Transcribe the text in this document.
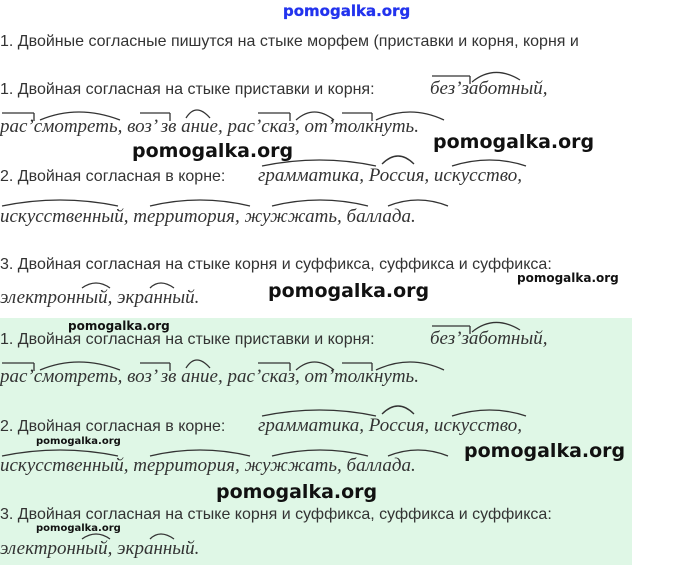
pomogalka.org
1. Двойные согласные пишутся на стыке морфем (приставки и корня, корня и
1. Двойная согласная на стыке приставки и корня:	без’заботный,
рас’смотреть, воз’ зв ание, рас’сказ, от’толкнуть.
2. Двойная согласная в корне: грамматика, Россия, искусство,
искусственный, территория, жужжать, баллада.
3. Двойная согласная на стыке корня и суффикса, суффикса и суффикса:
электронный, экранный.
1. Двойная согласная на стыке приставки и корня:	без’заботный,
рас’смотреть, воз’ зв ание, рас’сказ, от’толкнуть.
2. Двойная согласная в корне: грамматика, Россия, искусство,
искусственный, территория, жужжать, баллада.
3. Двойная согласная на стыке корня и суффикса, суффикса и суффикса:
электронный, экранный.
pomogalka.org	pomogalka.org
pomogalka.org
pomogalka.org
pomogalka.org
pomogalka.org	pomogalka.org
pomogalka.org
pomogalka.org
